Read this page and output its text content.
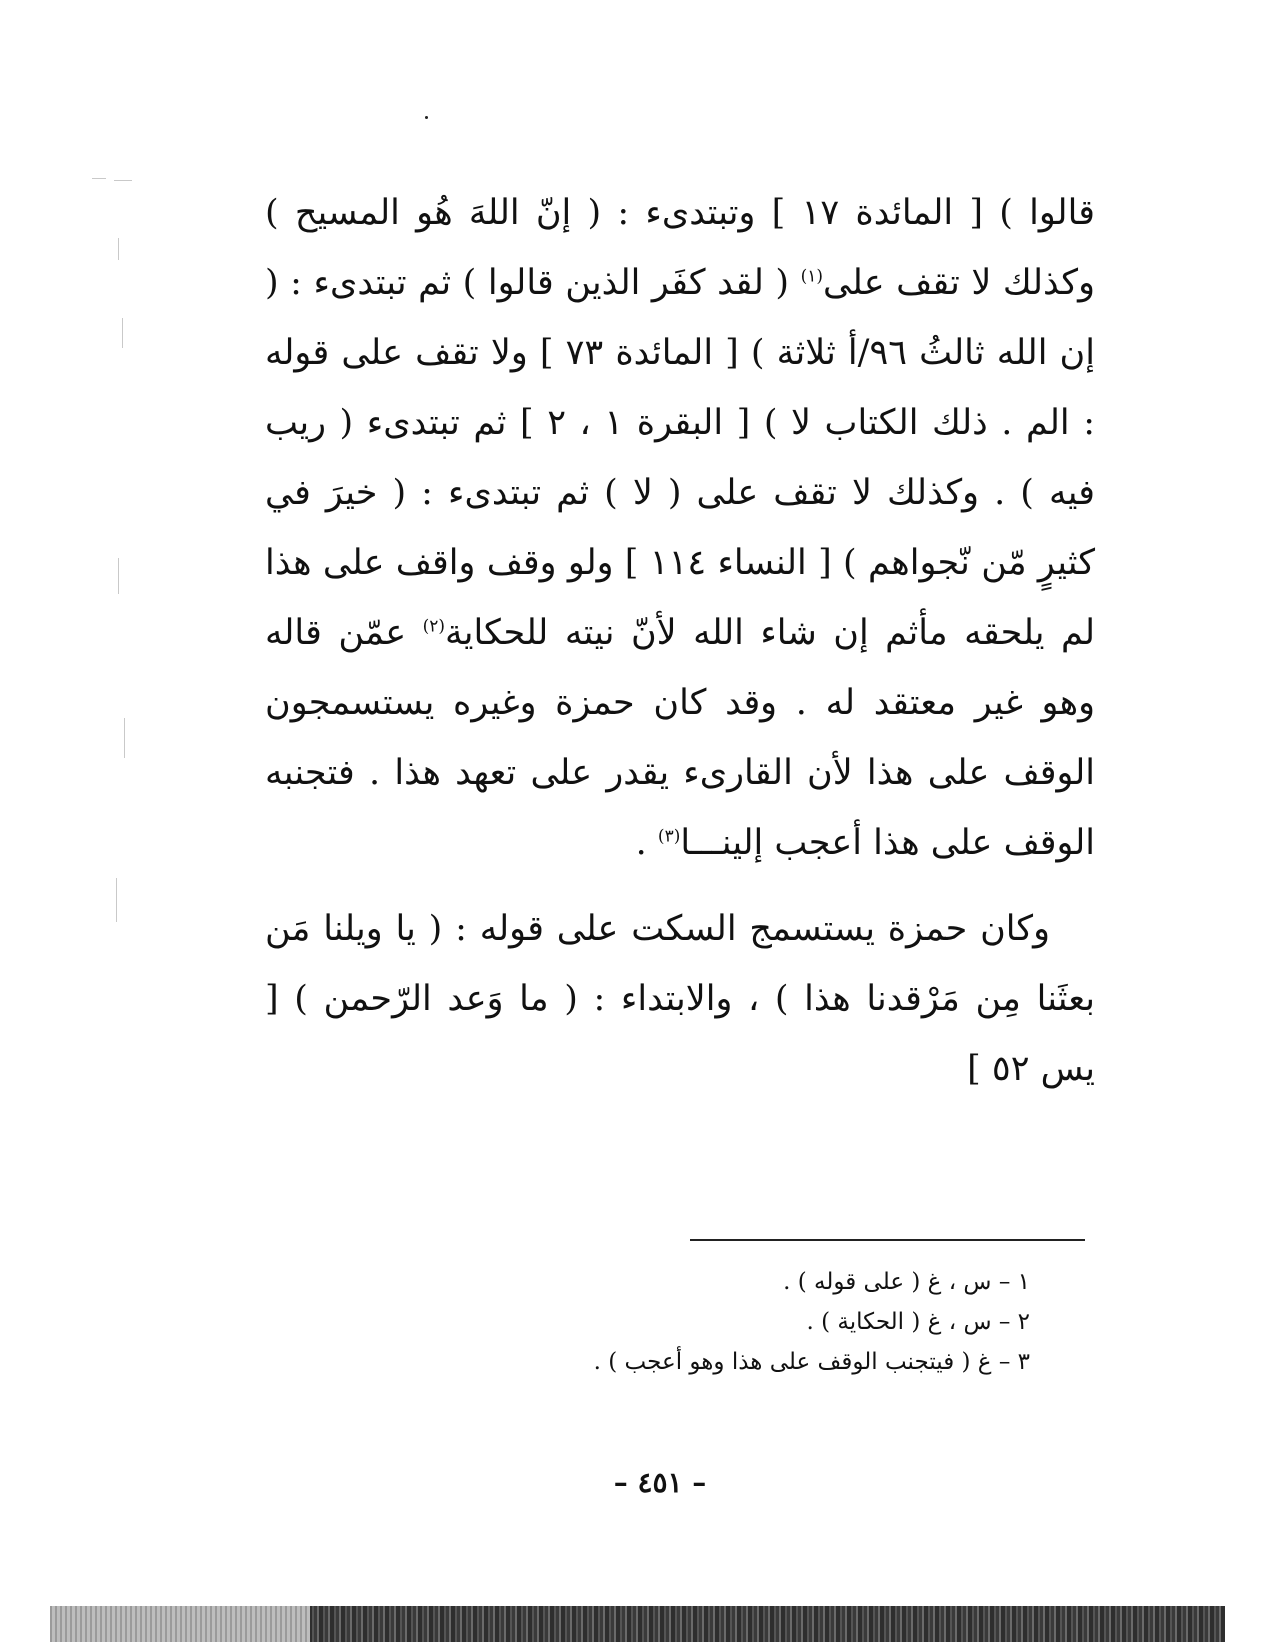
قالوا ) [ المائدة ١٧ ] وتبتدىء : ( إنّ اللهَ هُو المسيح ) وكذلك لا تقف على$^{(١)}$ ( لقد كفَر الذين قالوا ) ثم تبتدىء : ( إن الله ثالثُ ٩٦/أ ثلاثة ) [ المائدة ٧٣ ] ولا تقف على قوله : الم . ذلك الكتاب لا ) [ البقرة ١ ، ٢ ] ثم تبتدىء ( ريب فيه ) . وكذلك لا تقف على ( لا ) ثم تبتدىء : ( خيرَ في كثيرٍ مّن نّجواهم ) [ النساء ١١٤ ] ولو وقف واقف على هذا لم يلحقه مأثم إن شاء الله لأنّ نيته للحكاية$^{(٢)}$ عمّن قاله وهو غير معتقد له . وقد كان حمزة وغيره يستسمجون الوقف على هذا لأن القارىء يقدر على تعهد هذا . فتجنبه الوقف على هذا أعجب إلينـــا$^{(٣)}$ .

وكان حمزة يستسمج السكت على قوله : ( يا ويلنا مَن بعثَنا مِن مَرْقدنا هذا ) ، والابتداء : ( ما وَعد الرّحمن ) [ يس ٥٢ ]

١ – س ، غ ( على قوله ) .
٢ – س ، غ ( الحكاية ) .
٣ – غ ( فيتجنب الوقف على هذا وهو أعجب ) .
– ٤٥١ –
